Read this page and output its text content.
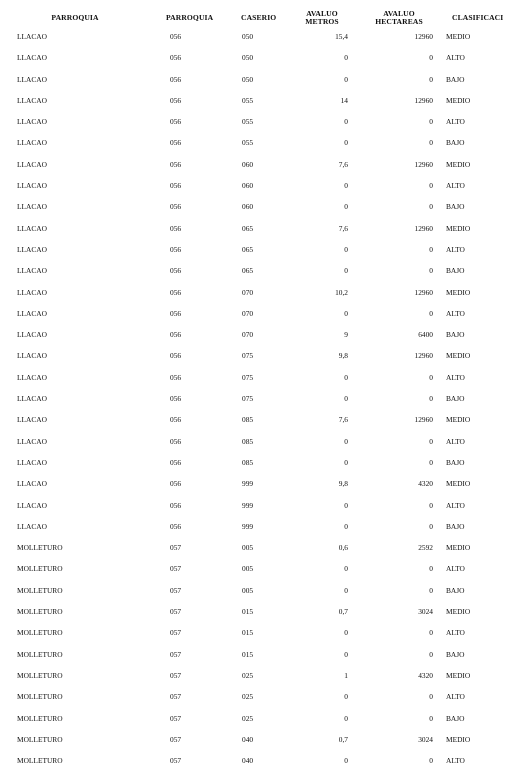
PARROQUIA	PARROQUIA	CASERIO	AVALUO
METROS
AVALUO
HECTAREAS	CLASIFICACI
LLACAO	056	050	15,4	12960 MEDIO
LLACAO	056	050	0	0 ALTO
LLACAO	056	050	0	0 BAJO
LLACAO	056	055	14	12960 MEDIO
LLACAO	056	055	0	0 ALTO
LLACAO	056	055	0	0 BAJO
LLACAO	056	060	7,6	12960 MEDIO
LLACAO	056	060	0	0 ALTO
LLACAO	056	060	0	0 BAJO
LLACAO	056	065	7,6	12960 MEDIO
LLACAO	056	065	0	0 ALTO
LLACAO	056	065	0	0 BAJO
LLACAO	056	070	10,2	12960 MEDIO
LLACAO	056	070	0	0 ALTO
LLACAO	056	070	9	6400 BAJO
LLACAO	056	075	9,8	12960 MEDIO
LLACAO	056	075	0	0 ALTO
LLACAO	056	075	0	0 BAJO
LLACAO	056	085	7,6	12960 MEDIO
LLACAO	056	085	0	0 ALTO
LLACAO	056	085	0	0 BAJO
LLACAO	056	999	9,8	4320 MEDIO
LLACAO	056	999	0	0 ALTO
LLACAO	056	999	0	0 BAJO
MOLLETURO	057	005	0,6	2592 MEDIO
MOLLETURO	057	005	0	0 ALTO
MOLLETURO	057	005	0	0 BAJO
MOLLETURO	057	015	0,7	3024 MEDIO
MOLLETURO	057	015	0	0 ALTO
MOLLETURO	057	015	0	0 BAJO
MOLLETURO	057	025	1	4320 MEDIO
MOLLETURO	057	025	0	0 ALTO
MOLLETURO	057	025	0	0 BAJO
MOLLETURO	057	040	0,7	3024 MEDIO
MOLLETURO	057	040	0	0 ALTO
